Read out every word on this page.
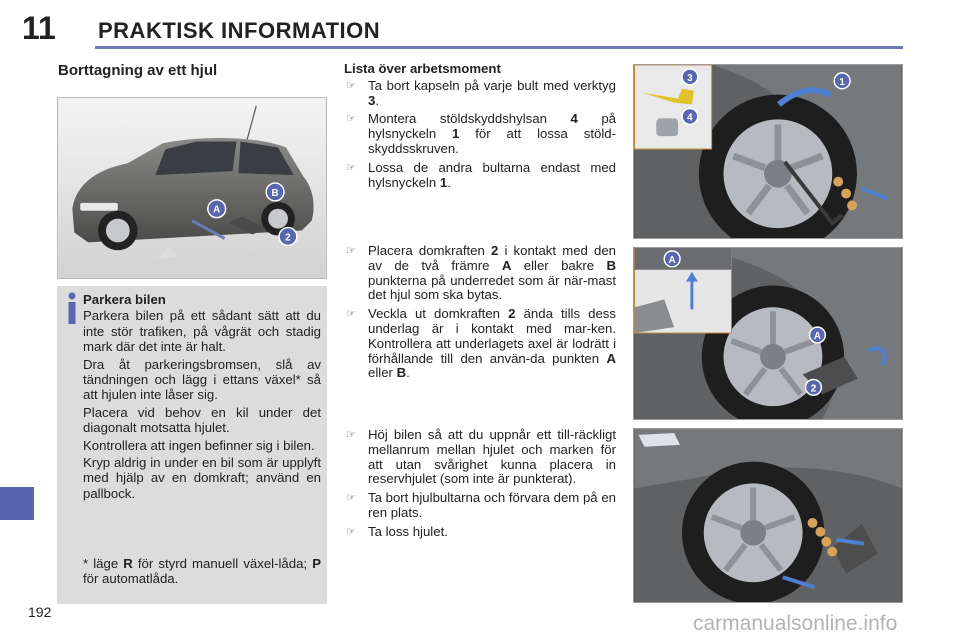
11 PRAKTISK INFORMATION
Borttagning av ett hjul
A
B
2
Parkera bilen

Parkera bilen på ett sådant sätt att du inte stör trafiken, på vågrät och stadig mark där det inte är halt.

Dra åt parkeringsbromsen, slå av tändningen och lägg i ettans växel* så att hjulen inte låser sig.

Placera vid behov en kil under det diagonalt motsatta hjulet.

Kontrollera att ingen befinner sig i bilen.

Kryp aldrig in under en bil som är upplyft med hjälp av en domkraft; använd en pallbock.

* läge R för styrd manuell växel-låda; P för automatlåda.
Lista över arbetsmoment
☞ Ta bort kapseln på varje bult med verktyg 3.
☞ Montera stöldskyddshylsan 4 på hylsnyckeln 1 för att lossa stöld-skyddsskruven.
☞ Lossa de andra bultarna endast med hylsnyckeln 1.
☞ Placera domkraften 2 i kontakt med den av de två främre A eller bakre B punkterna på underredet som är när-mast det hjul som ska bytas.
☞ Veckla ut domkraften 2 ända tills dess underlag är i kontakt med mar-ken. Kontrollera att underlagets axel är lodrätt i förhållande till den använ-da punkten A eller B.
☞ Höj bilen så att du uppnår ett till-räckligt mellanrum mellan hjulet och marken för att utan svårighet kunna placera in reservhjulet (som inte är punkterat).
☞ Ta bort hjulbultarna och förvara dem på en ren plats.
☞ Ta loss hjulet.
3
4
1
A
A
2
192	carmanualsonline.info
